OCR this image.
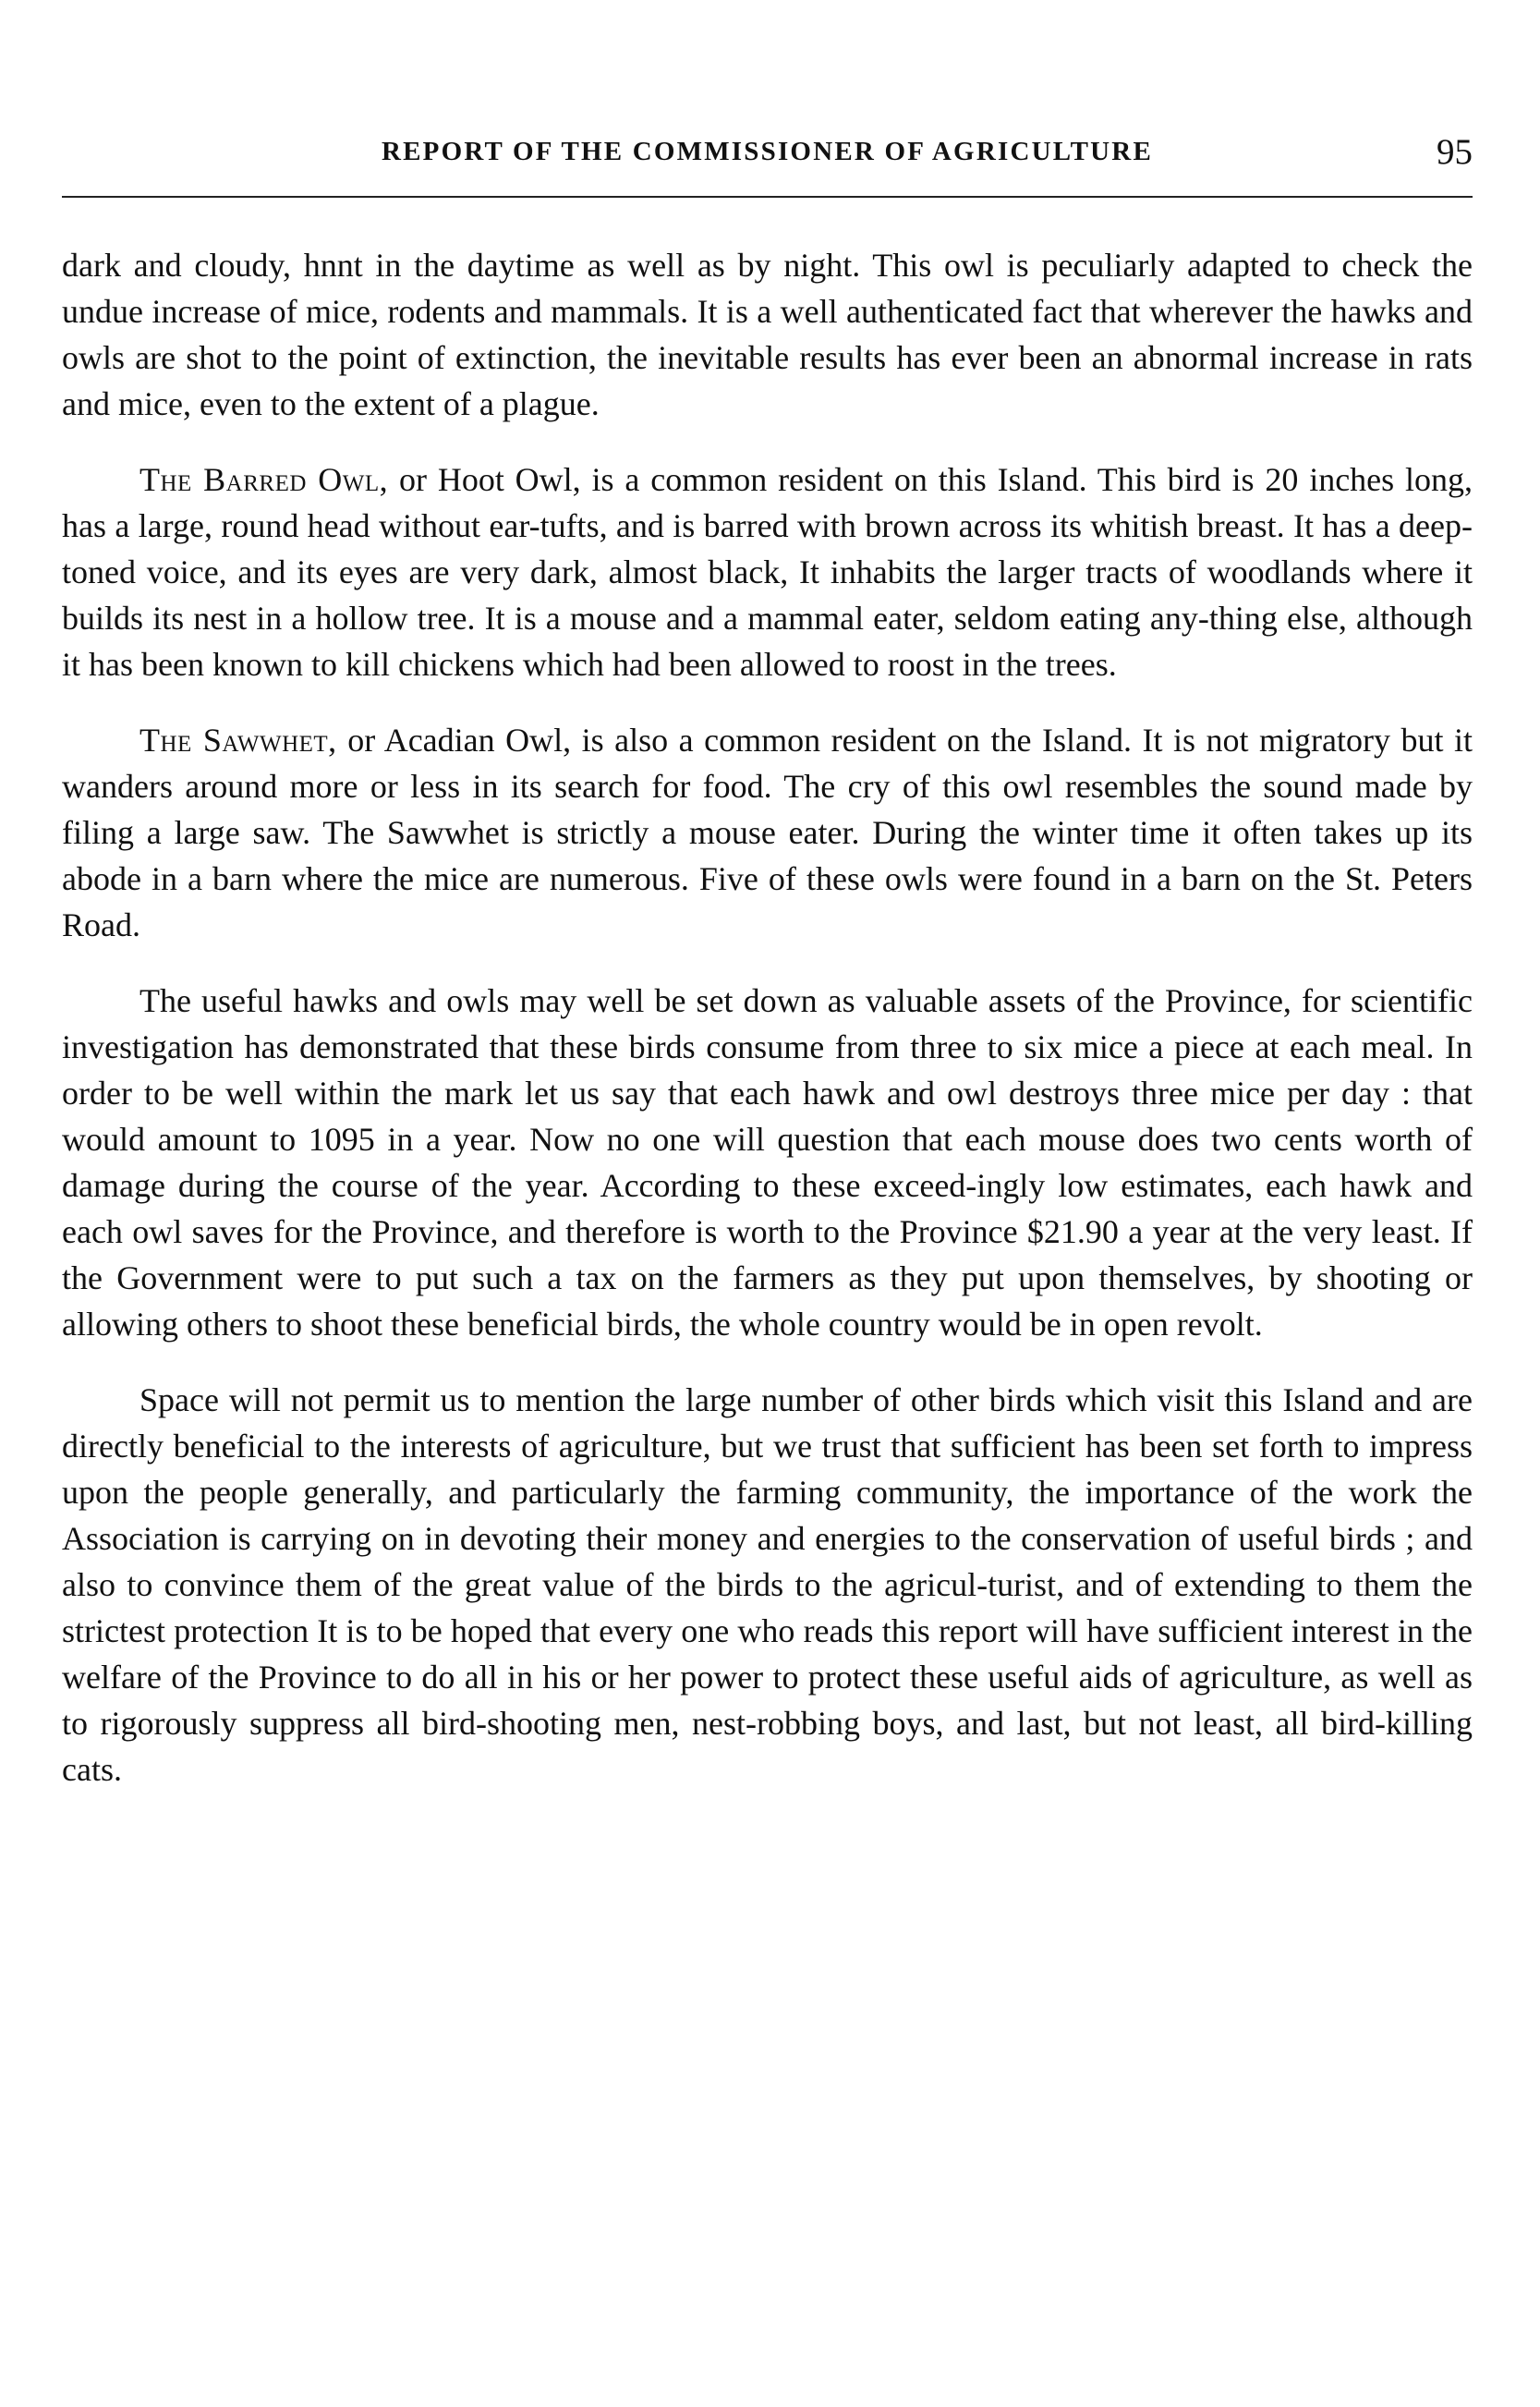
REPORT OF THE COMMISSIONER OF AGRICULTURE	95

dark and cloudy, hnnt in the daytime as well as by night. This owl is peculiarly adapted to check the undue increase of mice, rodents and mammals. It is a well authenticated fact that wherever the hawks and owls are shot to the point of extinction, the inevitable results has ever been an abnormal increase in rats and mice, even to the extent of a plague.

The Barred Owl, or Hoot Owl, is a common resident on this Island. This bird is 20 inches long, has a large, round head without ear-tufts, and is barred with brown across its whitish breast. It has a deep-toned voice, and its eyes are very dark, almost black, It inhabits the larger tracts of woodlands where it builds its nest in a hollow tree. It is a mouse and a mammal eater, seldom eating any-thing else, although it has been known to kill chickens which had been allowed to roost in the trees.

The Sawwhet, or Acadian Owl, is also a common resident on the Island. It is not migratory but it wanders around more or less in its search for food. The cry of this owl resembles the sound made by filing a large saw. The Sawwhet is strictly a mouse eater. During the winter time it often takes up its abode in a barn where the mice are numerous. Five of these owls were found in a barn on the St. Peters Road.

The useful hawks and owls may well be set down as valuable assets of the Province, for scientific investigation has demonstrated that these birds consume from three to six mice a piece at each meal. In order to be well within the mark let us say that each hawk and owl destroys three mice per day : that would amount to 1095 in a year. Now no one will question that each mouse does two cents worth of damage during the course of the year. According to these exceed-ingly low estimates, each hawk and each owl saves for the Province, and therefore is worth to the Province $21.90 a year at the very least. If the Government were to put such a tax on the farmers as they put upon themselves, by shooting or allowing others to shoot these beneficial birds, the whole country would be in open revolt.

Space will not permit us to mention the large number of other birds which visit this Island and are directly beneficial to the interests of agriculture, but we trust that sufficient has been set forth to impress upon the people generally, and particularly the farming community, the importance of the work the Association is carrying on in devoting their money and energies to the conservation of useful birds ; and also to convince them of the great value of the birds to the agricul-turist, and of extending to them the strictest protection It is to be hoped that every one who reads this report will have sufficient interest in the welfare of the Province to do all in his or her power to protect these useful aids of agriculture, as well as to rigorously suppress all bird-shooting men, nest-robbing boys, and last, but not least, all bird-killing cats.
